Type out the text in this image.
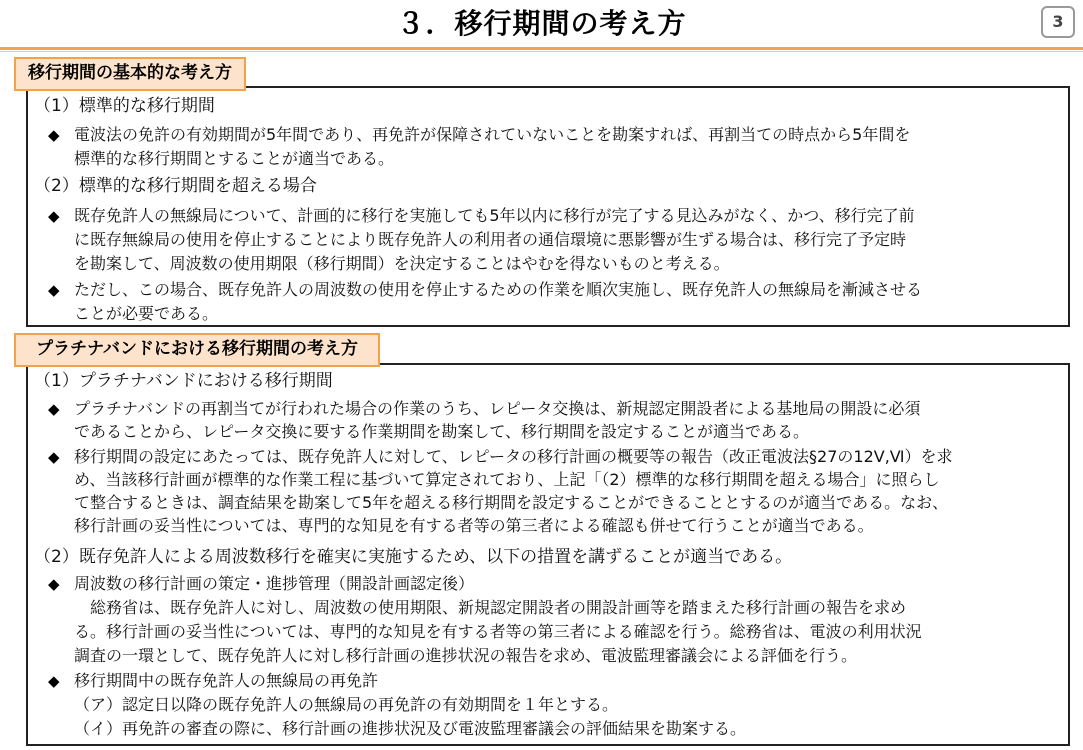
３．移行期間の考え方	3
移行期間の基本的な考え方
（1）標準的な移行期間
◆ 電波法の免許の有効期間が5年間であり、再免許が保障されていないことを勘案すれば、再割当ての時点から5年間を
標準的な移行期間とすることが適当である。
（2）標準的な移行期間を超える場合
◆ 既存免許人の無線局について、計画的に移行を実施しても5年以内に移行が完了する見込みがなく、かつ、移行完了前
に既存無線局の使用を停止することにより既存免許人の利用者の通信環境に悪影響が生ずる場合は、移行完了予定時
を勘案して、周波数の使用期限（移行期間）を決定することはやむを得ないものと考える。
◆ ただし、この場合、既存免許人の周波数の使用を停止するための作業を順次実施し、既存免許人の無線局を漸減させる
ことが必要である。
プラチナバンドにおける移行期間の考え方
（1）プラチナバンドにおける移行期間
◆ プラチナバンドの再割当てが行われた場合の作業のうち、レピータ交換は、新規認定開設者による基地局の開設に必須
であることから、レピータ交換に要する作業期間を勘案して、移行期間を設定することが適当である。
◆ 移行期間の設定にあたっては、既存免許人に対して、レピータの移行計画の概要等の報告（改正電波法§27の12Ⅴ,Ⅵ）を求
め、当該移行計画が標準的な作業工程に基づいて算定されており、上記「（2）標準的な移行期間を超える場合」に照らし
て整合するときは、調査結果を勘案して5年を超える移行期間を設定することができることとするのが適当である。なお、
移行計画の妥当性については、専門的な知見を有する者等の第三者による確認も併せて行うことが適当である。
（2）既存免許人による周波数移行を確実に実施するため、以下の措置を講ずることが適当である。
◆ 周波数の移行計画の策定・進捗管理（開設計画認定後）
　総務省は、既存免許人に対し、周波数の使用期限、新規認定開設者の開設計画等を踏まえた移行計画の報告を求め
る。移行計画の妥当性については、専門的な知見を有する者等の第三者による確認を行う。総務省は、電波の利用状況
調査の一環として、既存免許人に対し移行計画の進捗状況の報告を求め、電波監理審議会による評価を行う。
◆ 移行期間中の既存免許人の無線局の再免許
（ア）認定日以降の既存免許人の無線局の再免許の有効期間を１年とする。
（イ）再免許の審査の際に、移行計画の進捗状況及び電波監理審議会の評価結果を勘案する。
